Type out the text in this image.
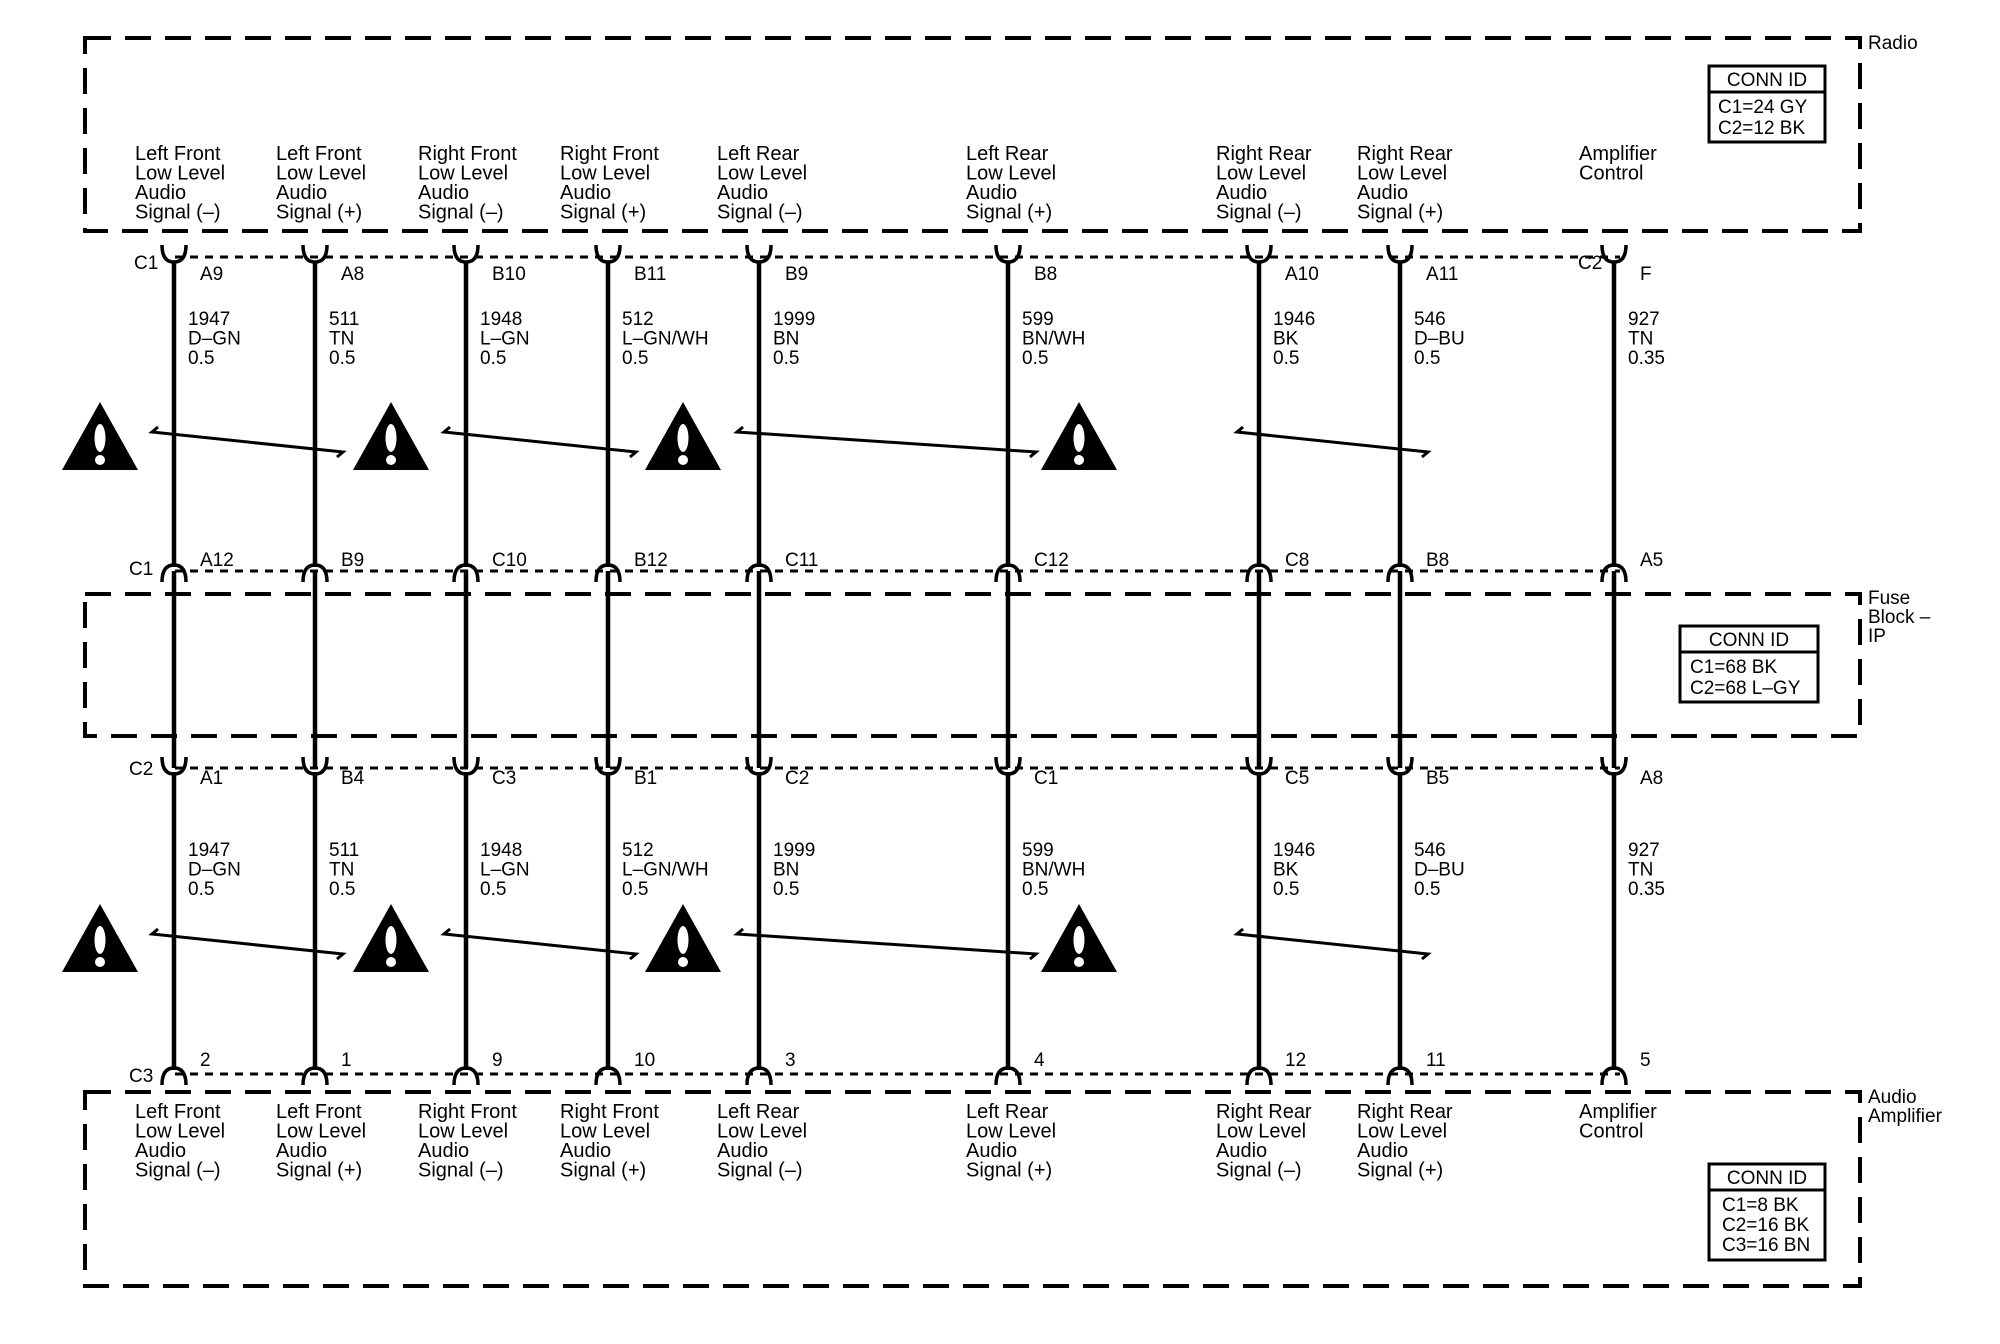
Radio
Fuse
Block –
IP
Audio
Amplifier
CONN ID
C1=24 GY
C2=12 BK
CONN ID
C1=68 BK
C2=68 L–GY
CONN ID
C1=8 BK
C2=16 BK
C3=16 BN
C1	C2
C1
C2
C3
Left Front
Left Front
Low Level
Low Level
Audio
Audio
Signal (–)
Signal (–)
A9
A12
A1
2
1947
1947
D–GN
D–GN
0.5
0.5
Left Front
Left Front
Low Level
Low Level
Audio
Audio
Signal (+)
Signal (+)
A8
B9
B4
1
511
511
TN
TN
0.5
0.5
Right Front
Right Front
Low Level
Low Level
Audio
Audio
Signal (–)
Signal (–)
B10
C10
C3
9
1948
1948
L–GN
L–GN
0.5
0.5
Right Front
Right Front
Low Level
Low Level
Audio
Audio
Signal (+)
Signal (+)
B11
B12
B1
10
512
512
L–GN/WH
L–GN/WH
0.5
0.5
Left Rear
Left Rear
Low Level
Low Level
Audio
Audio
Signal (–)
Signal (–)
B9
C11
C2
3
1999
1999
BN
BN
0.5
0.5
Left Rear
Left Rear
Low Level
Low Level
Audio
Audio
Signal (+)
Signal (+)
B8
C12
C1
4
599
599
BN/WH
BN/WH
0.5
0.5
Right Rear
Right Rear
Low Level
Low Level
Audio
Audio
Signal (–)
Signal (–)
A10
C8
C5
12
1946
1946
BK
BK
0.5
0.5
Right Rear
Right Rear
Low Level
Low Level
Audio
Audio
Signal (+)
Signal (+)
A11
B8
B5
11
546
546
D–BU
D–BU
0.5
0.5
Amplifier
Amplifier
Control
Control
F
A5
A8
5
927
927
TN
TN
0.35
0.35
